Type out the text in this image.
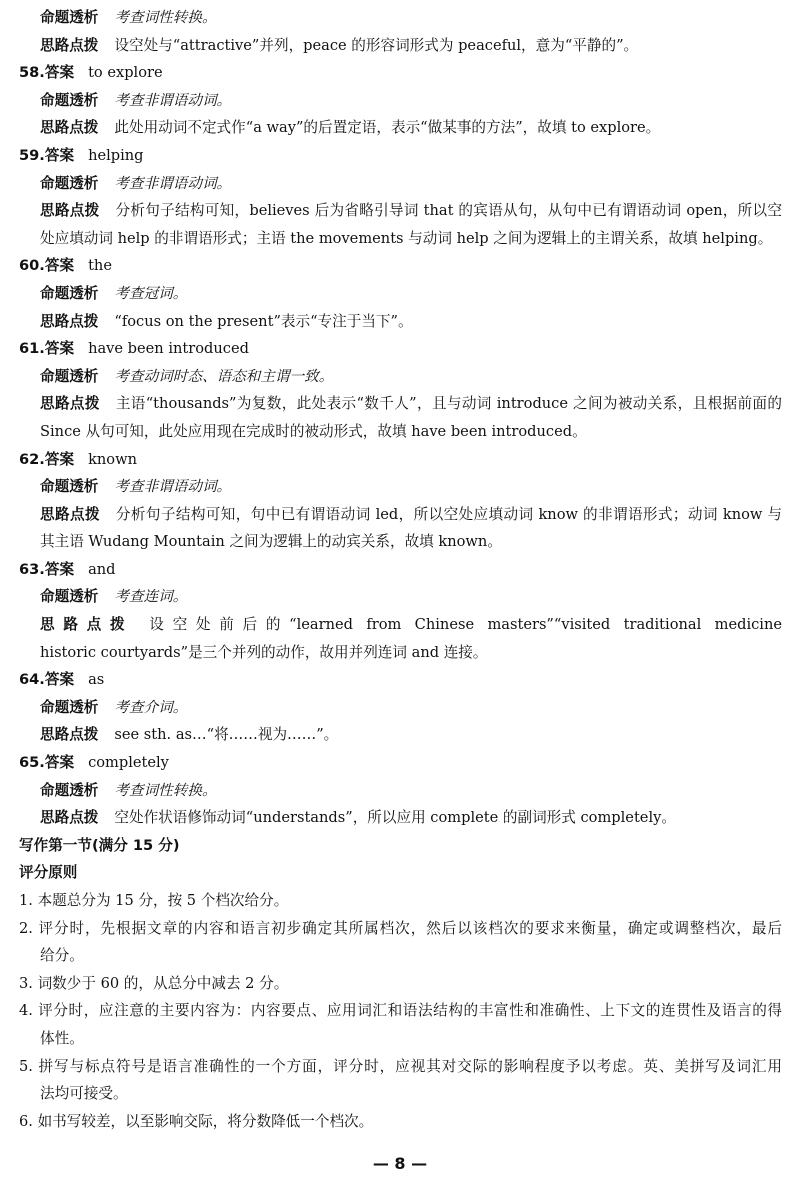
命题透析 考查词性转换。
思路点拨 设空处与“attractive”并列，peace 的形容词形式为 peaceful，意为“平静的”。
58.答案 to explore
命题透析 考查非谓语动词。
思路点拨 此处用动词不定式作“a way”的后置定语，表示“做某事的方法”，故填 to explore。
59.答案 helping
命题透析 考查非谓语动词。
思路点拨 分析句子结构可知，believes 后为省略引导词 that 的宾语从句，从句中已有谓语动词 open，所以空
处应填动词 help 的非谓语形式；主语 the movements 与动词 help 之间为逻辑上的主谓关系，故填 helping。
60.答案 the
命题透析 考查冠词。
思路点拨 “focus on the present”表示“专注于当下”。
61.答案 have been introduced
命题透析 考查动词时态、语态和主谓一致。
思路点拨 主语“thousands”为复数，此处表示“数千人”，且与动词 introduce 之间为被动关系，且根据前面的
Since 从句可知，此处应用现在完成时的被动形式，故填 have been introduced。
62.答案 known
命题透析 考查非谓语动词。
思路点拨 分析句子结构可知，句中已有谓语动词 led，所以空处应填动词 know 的非谓语形式；动词 know 与
其主语 Wudang Mountain 之间为逻辑上的动宾关系，故填 known。
63.答案 and
命题透析 考查连词。
思路点拨 设空处前后的“learned from Chinese masters”“visited traditional medicine
historic courtyards”是三个并列的动作，故用并列连词 and 连接。
64.答案 as
命题透析 考查介词。
思路点拨 see sth. as…“将……视为……”。
65.答案 completely
命题透析 考查词性转换。
思路点拨 空处作状语修饰动词“understands”，所以应用 complete 的副词形式 completely。
写作第一节(满分 15 分)
评分原则
1. 本题总分为 15 分，按 5 个档次给分。
2. 评分时，先根据文章的内容和语言初步确定其所属档次，然后以该档次的要求来衡量，确定或调整档次，最后
给分。
3. 词数少于 60 的，从总分中减去 2 分。
4. 评分时，应注意的主要内容为：内容要点、应用词汇和语法结构的丰富性和准确性、上下文的连贯性及语言的得
体性。
5. 拼写与标点符号是语言准确性的一个方面，评分时，应视其对交际的影响程度予以考虑。英、美拼写及词汇用
法均可接受。
6. 如书写较差，以至影响交际，将分数降低一个档次。
— 8 —
